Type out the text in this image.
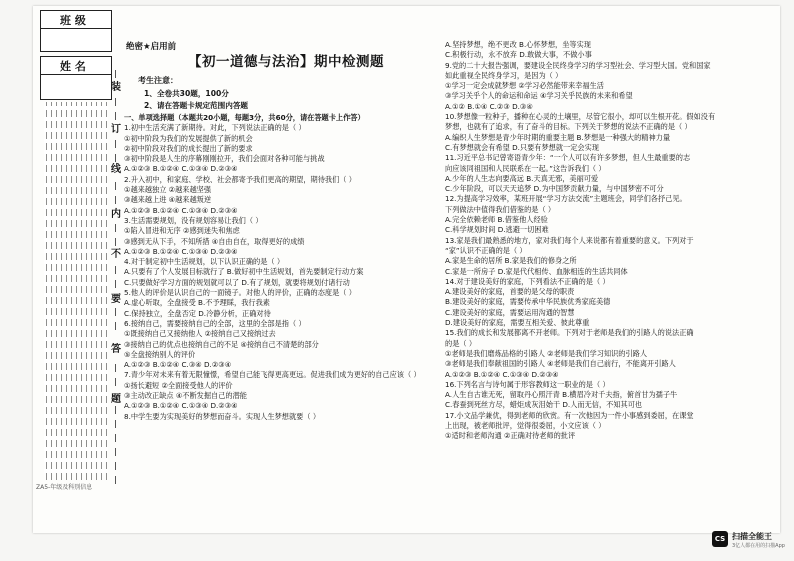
班 级
姓 名
装
订
线
内
不
要
答
题
ZA5-年级及科别信息
绝密★启用前
【初一道德与法治】期中检测题
考生注意：
1、全卷共30题，100分
2、请在答题卡规定范围内答题
一、单项选择题（本题共20小题，每题3分，共60分，请在答题卡上作答）
1.初中生活充满了新期待。对此，下列说法正确的是（ ）
①初中阶段为我们的发展提供了新的机会
②初中阶段对我们的成长提出了新的要求
③初中阶段是人生的序幕刚刚拉开，我们会面对各种可能与挑战
A.①②③ B.①②④ C.①③④ D.②③④
2.升入初中，和家庭、学校、社会都寄予我们更高的期望，期待我们（ ）
①越来越独立 ②越来越坚强
③越来越上进 ④越来越叛逆
A.①②③ B.①②④ C.①③④ D.②③④
3.生活需要规划，没有规划容易让我们（ ）
①陷入冒进和无序 ②感到迷失和焦虑
③感到无从下手，不知所措 ④自由自在，取得更好的成绩
A.①②③ B.①②④ C.①③④ D.②③④
4.对于制定初中生活规划，以下认识正确的是（ ）
A.只要有了个人发展目标就行了 B.做好初中生活规划，首先要制定行动方案
C.只要做好学习方面的规划就可以了 D.有了规划，就要将规划付诸行动
5.他人的评价是认识自己的一面镜子。对他人的评价，正确的态度是（ ）
A.虚心听取，全盘接受 B.不予理睬，我行我素
C.保持独立，全盘否定 D.冷静分析，正确对待
6.接纳自己，需要接纳自己的全部，这里的全部是指（ ）
①既接纳自己又接纳他人 ②接纳自己又接纳过去
③接纳自己的优点也接纳自己的不足 ④接纳自己不清楚的部分
⑤全盘接纳别人的评价
A.①②③ B.①②④ C.③④ D.②③④
7.青少年对未来有着无限憧憬，希望自己能飞得更高更远。促进我们成为更好的自己应该（ ）
①扬长避短 ②全面接受他人的评价
③主动改正缺点 ④不断发掘自己的潜能
A.①②③ B.①②④ C.①③④ D.②③④
8.中学生要为实现美好的梦想而奋斗。实现人生梦想就要（ ）
A.坚持梦想，绝不更改 B.心怀梦想，坐等实现
C.积极行动，永不放弃 D.敢做大事，不做小事
9.党的二十大报告强调，要建设全民终身学习的学习型社会、学习型大国。党和国家
如此重视全民终身学习，是因为（ ）
①学习一定会成就梦想 ②学习必然能带来幸福生活
③学习关乎个人的命运和命运 ④学习关乎民族的未来和希望
A.①② B.①④ C.②③ D.③④
10.梦想像一粒种子，播种在心灵的土壤里，尽管它很小，却可以生根开花。假如没有
梦想，也就有了追求，有了奋斗的目标。下列关于梦想的说法不正确的是（ ）
A.编织人生梦想是青少年时期的重要主题 B.梦想是一种强大的精神力量
C.有梦想就会有希望 D.只要有梦想就一定会实现
11.习近平总书记曾寄语青少年：“一个人可以有许多梦想，但人生最重要的志
向应该同祖国和人民联系在一起。”这告诉我们（ ）
A.少年的人生志向要高远 B.天真无邪，美丽可爱
C.少年阶段，可以天天追梦 D.为中国梦贡献力量，与中国梦密不可分
12.为提高学习效率，某班开展“学习方法交流”主题班会，同学们各抒己见。
下列做法中值得我们借鉴的是（ ）
A.完全依赖老师 B.借鉴他人经验
C.科学规划时间 D.逃避一切困难
13.家是我们最熟悉的地方，家对我们每个人来说都有着重要的意义。下列对于
“家”认识不正确的是（ ）
A.家是生命的居所 B.家是我们的修身之所
C.家是一所房子 D.家是代代相传、血脉相连的生活共同体
14.对于建设美好的家庭，下列看法不正确的是（ ）
A.建设美好的家庭，首要的是父母的职责
B.建设美好的家庭，需要传承中华民族优秀家庭美德
C.建设美好的家庭，需要运用沟通的智慧
D.建设美好的家庭，需要互相关爱、彼此尊重
15.我们的成长和发展都离不开老师。下列对于老师是我们的引路人的说法正确
的是（ ）
①老师是我们磨炼品格的引路人 ②老师是我们学习知识的引路人
③老师是我们奉献祖国的引路人 ④老师是我们自己前行，不能离开引路人
A.①②③ B.①②④ C.①③④ D.②③④
16.下列名言与诗句属于形容教师这一职业的是（ ）
A.人生自古谁无死，留取丹心照汗青 B.横眉冷对千夫指，俯首甘为孺子牛
C.春蚕到死丝方尽，蜡炬成灰泪始干 D.人而无信，不知其可也
17.小文品学兼优，得到老师的欣赏。有一次他因为一件小事感到委屈，在课堂
上出现，被老师批评，觉得很委屈，小文应该（ ）
①适时和老师沟通 ②正确对待老师的批评
CS 扫描全能王
3亿人都在用的扫描App
